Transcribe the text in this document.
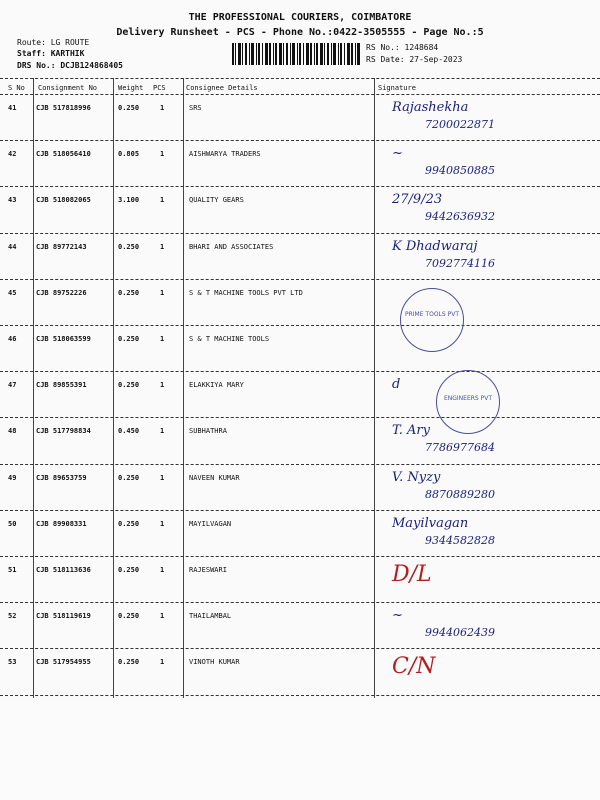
THE PROFESSIONAL COURIERS, COIMBATORE
Delivery Runsheet - PCS - Phone No.:0422-3505555 - Page No.:5
Route: LG ROUTE
Staff: KARTHIK
DRS No.: DCJB124868405
RS No.: 1248684
RS Date: 27-Sep-2023
S No Consignment No	Weight PCS	Consignee Details	Signature
41	CJB 517818996	0.250	1	SRS	Rajashekha
7200022871
42	CJB 518056410	0.805	1	AISHWARYA TRADERS	~
9940850885
43	CJB 518082065	3.100	1	QUALITY GEARS	27/9/23
9442636932
44	CJB 89772143	0.250	1	BHARI AND ASSOCIATES	K Dhadwaraj
7092774116
45	CJB 89752226	0.250	1	S & T MACHINE TOOLS PVT LTD
46	CJB 518063599	0.250	1	S & T MACHINE TOOLS
47	CJB 89855391	0.250	1	ELAKKIYA MARY	d
48	CJB 517798834	0.450	1	SUBHATHRA	T. Ary
7786977684
49	CJB 89653759	0.250	1	NAVEEN KUMAR	V. Nyzy
8870889280
50	CJB 89908331	0.250	1	MAYILVAGAN	Mayilvagan
9344582828
51	CJB 518113636	0.250	1	RAJESWARI	D/L
52	CJB 518119619	0.250	1	THAILAMBAL	~
9944062439
53	CJB 517954955	0.250	1	VINOTH KUMAR	C/N
PRIME TOOLS PVT
ENGINEERS PVT
